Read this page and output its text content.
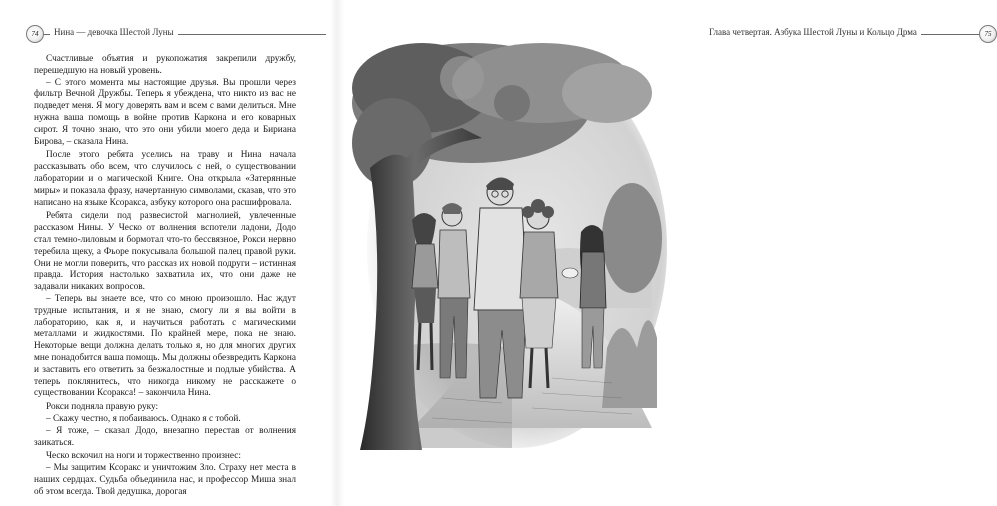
74	Нина — девочка Шестой Луны

Счастливые объятия и рукопожатия закрепили дружбу, перешедшую на новый уровень.

– С этого момента мы настоящие друзья. Вы прошли через фильтр Вечной Дружбы. Теперь я убеждена, что никто из вас не подведет меня. Я могу доверять вам и всем с вами делиться. Мне нужна ваша помощь в войне против Каркона и его коварных сирот. Я точно знаю, что это они убили моего деда и Бириана Бирова, – сказала Нина.

После этого ребята уселись на траву и Нина начала рассказывать обо всем, что случилось с ней, о существовании лаборатории и о магической Книге. Она открыла «Затерянные миры» и показала фразу, начертанную символами, сказав, что это написано на языке Ксоракса, азбуку которого она расшифровала.

Ребята сидели под развесистой магнолией, увлеченные рассказом Нины. У Ческо от волнения вспотели ладони, Додо стал темно-лиловым и бормотал что-то бессвязное, Рокси нервно теребила щеку, а Фьоре покусывала большой палец правой руки. Они не могли поверить, что рассказ их новой подруги – истинная правда. История настолько захватила их, что они даже не задавали никаких вопросов.

– Теперь вы знаете все, что со мною произошло. Нас ждут трудные испытания, и я не знаю, смогу ли я вы войти в лабораторию, как я, и научиться работать с магическими металлами и жидкостями. По крайней мере, пока не знаю. Некоторые вещи должна делать только я, но для многих других мне понадобится ваша помощь. Мы должны обезвредить Каркона и заставить его ответить за безжалостные и подлые убийства. А теперь поклянитесь, что никогда никому не расскажете о существовании Ксоракса! – закончила Нина.

Рокси подняла правую руку:

– Скажу честно, я побаиваюсь. Однако я с тобой.

– Я тоже, – сказал Додо, внезапно перестав от волнения заикаться.

Ческо вскочил на ноги и торжественно произнес:

– Мы защитим Ксоракс и уничтожим Зло. Страху нет места в наших сердцах. Судьба объединила нас, и профессор Миша знал об этом всегда. Твой дедушка, дорогая

Глава четвертая. Азбука Шестой Луны и Кольцо Дрма	75
